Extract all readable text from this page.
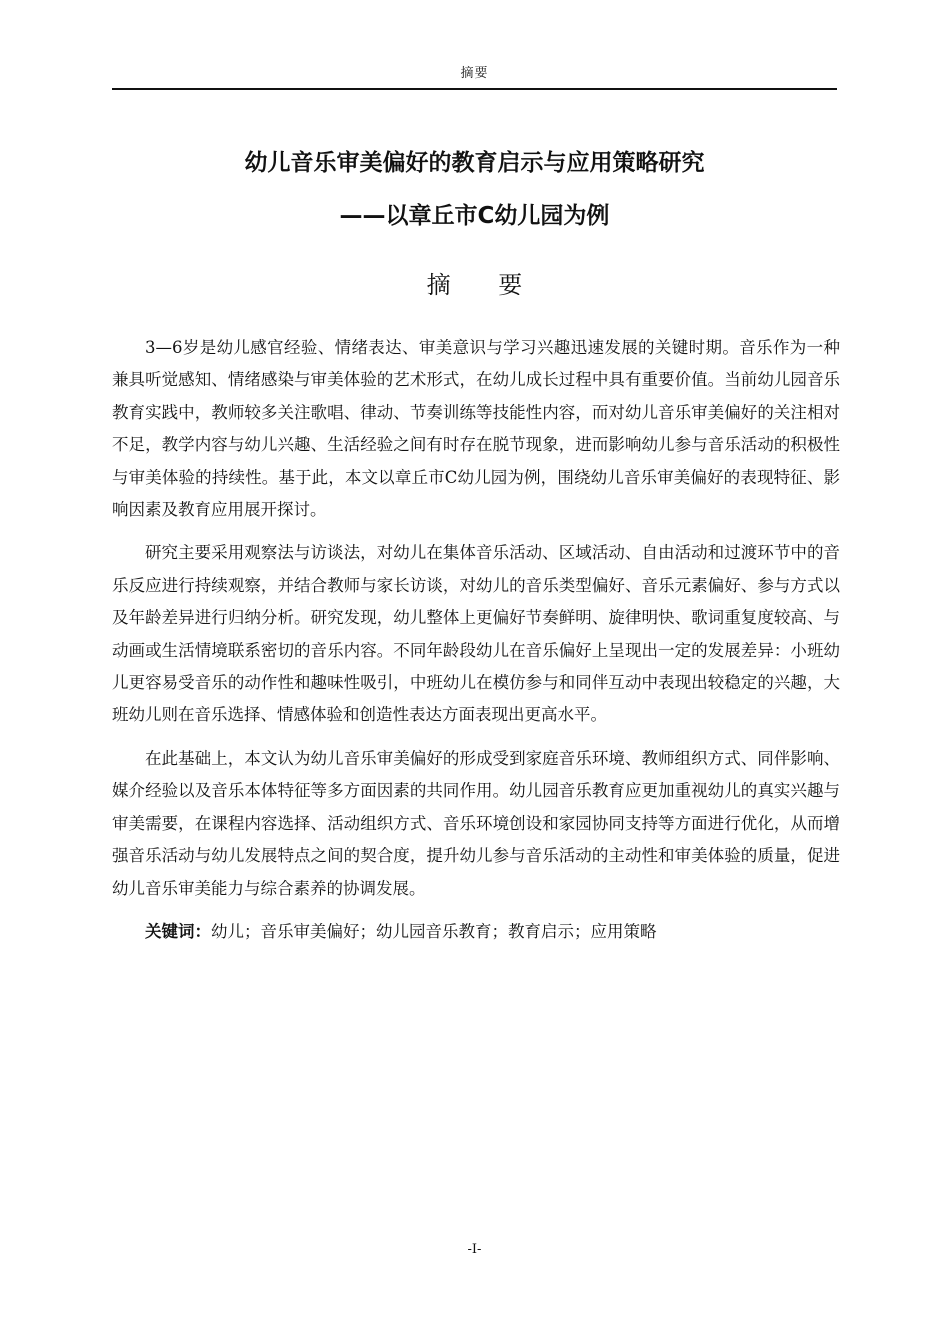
摘要
幼儿音乐审美偏好的教育启示与应用策略研究
——以章丘市C幼儿园为例
摘 要

3—6岁是幼儿感官经验、情绪表达、审美意识与学习兴趣迅速发展的关键时期。音乐作为一种兼具听觉感知、情绪感染与审美体验的艺术形式，在幼儿成长过程中具有重要价值。当前幼儿园音乐教育实践中，教师较多关注歌唱、律动、节奏训练等技能性内容，而对幼儿音乐审美偏好的关注相对不足，教学内容与幼儿兴趣、生活经验之间有时存在脱节现象，进而影响幼儿参与音乐活动的积极性与审美体验的持续性。基于此，本文以章丘市C幼儿园为例，围绕幼儿音乐审美偏好的表现特征、影响因素及教育应用展开探讨。

研究主要采用观察法与访谈法，对幼儿在集体音乐活动、区域活动、自由活动和过渡环节中的音乐反应进行持续观察，并结合教师与家长访谈，对幼儿的音乐类型偏好、音乐元素偏好、参与方式以及年龄差异进行归纳分析。研究发现，幼儿整体上更偏好节奏鲜明、旋律明快、歌词重复度较高、与动画或生活情境联系密切的音乐内容。不同年龄段幼儿在音乐偏好上呈现出一定的发展差异：小班幼儿更容易受音乐的动作性和趣味性吸引，中班幼儿在模仿参与和同伴互动中表现出较稳定的兴趣，大班幼儿则在音乐选择、情感体验和创造性表达方面表现出更高水平。

在此基础上，本文认为幼儿音乐审美偏好的形成受到家庭音乐环境、教师组织方式、同伴影响、媒介经验以及音乐本体特征等多方面因素的共同作用。幼儿园音乐教育应更加重视幼儿的真实兴趣与审美需要，在课程内容选择、活动组织方式、音乐环境创设和家园协同支持等方面进行优化，从而增强音乐活动与幼儿发展特点之间的契合度，提升幼儿参与音乐活动的主动性和审美体验的质量，促进幼儿音乐审美能力与综合素养的协调发展。

关键词：幼儿；音乐审美偏好；幼儿园音乐教育；教育启示；应用策略

-I-
